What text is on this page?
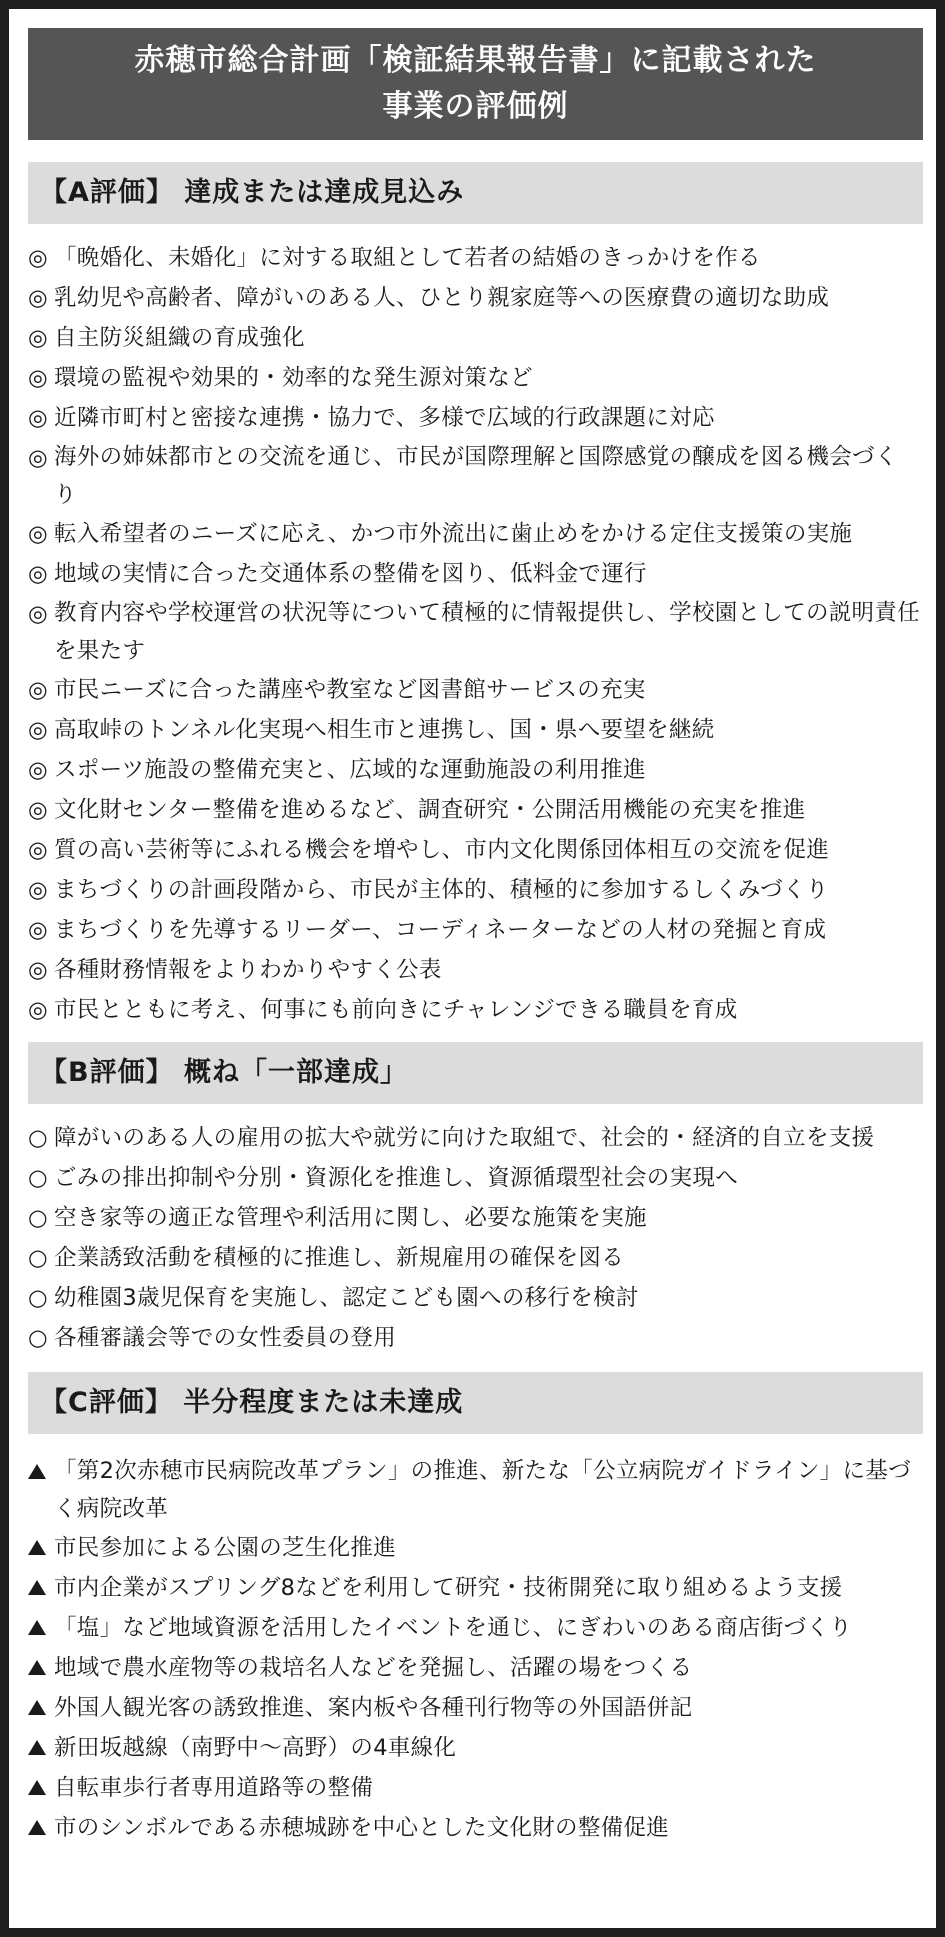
赤穂市総合計画「検証結果報告書」に記載された
事業の評価例
【A評価】 達成または達成見込み
◎ 「晩婚化、未婚化」に対する取組として若者の結婚のきっかけを作る
◎ 乳幼児や高齢者、障がいのある人、ひとり親家庭等への医療費の適切な助成
◎ 自主防災組織の育成強化
◎ 環境の監視や効果的・効率的な発生源対策など
◎ 近隣市町村と密接な連携・協力で、多様で広域的行政課題に対応
◎ 海外の姉妹都市との交流を通じ、市民が国際理解と国際感覚の醸成を図る機会づくり
◎ 転入希望者のニーズに応え、かつ市外流出に歯止めをかける定住支援策の実施
◎ 地域の実情に合った交通体系の整備を図り、低料金で運行
◎ 教育内容や学校運営の状況等について積極的に情報提供し、学校園としての説明責任を果たす
◎ 市民ニーズに合った講座や教室など図書館サービスの充実
◎ 高取峠のトンネル化実現へ相生市と連携し、国・県へ要望を継続
◎ スポーツ施設の整備充実と、広域的な運動施設の利用推進
◎ 文化財センター整備を進めるなど、調査研究・公開活用機能の充実を推進
◎ 質の高い芸術等にふれる機会を増やし、市内文化関係団体相互の交流を促進
◎ まちづくりの計画段階から、市民が主体的、積極的に参加するしくみづくり
◎ まちづくりを先導するリーダー、コーディネーターなどの人材の発掘と育成
◎ 各種財務情報をよりわかりやすく公表
◎ 市民とともに考え、何事にも前向きにチャレンジできる職員を育成
【B評価】 概ね「一部達成」
○ 障がいのある人の雇用の拡大や就労に向けた取組で、社会的・経済的自立を支援
○ ごみの排出抑制や分別・資源化を推進し、資源循環型社会の実現へ
○ 空き家等の適正な管理や利活用に関し、必要な施策を実施
○ 企業誘致活動を積極的に推進し、新規雇用の確保を図る
○ 幼稚園3歳児保育を実施し、認定こども園への移行を検討
○ 各種審議会等での女性委員の登用
【C評価】 半分程度または未達成
「第2次赤穂市民病院改革プラン」の推進、新たな「公立病院ガイドライン」に基づく病院改革
市民参加による公園の芝生化推進
市内企業がスプリング8などを利用して研究・技術開発に取り組めるよう支援
「塩」など地域資源を活用したイベントを通じ、にぎわいのある商店街づくり
地域で農水産物等の栽培名人などを発掘し、活躍の場をつくる
外国人観光客の誘致推進、案内板や各種刊行物等の外国語併記
新田坂越線（南野中〜高野）の4車線化
自転車歩行者専用道路等の整備
市のシンボルである赤穂城跡を中心とした文化財の整備促進
